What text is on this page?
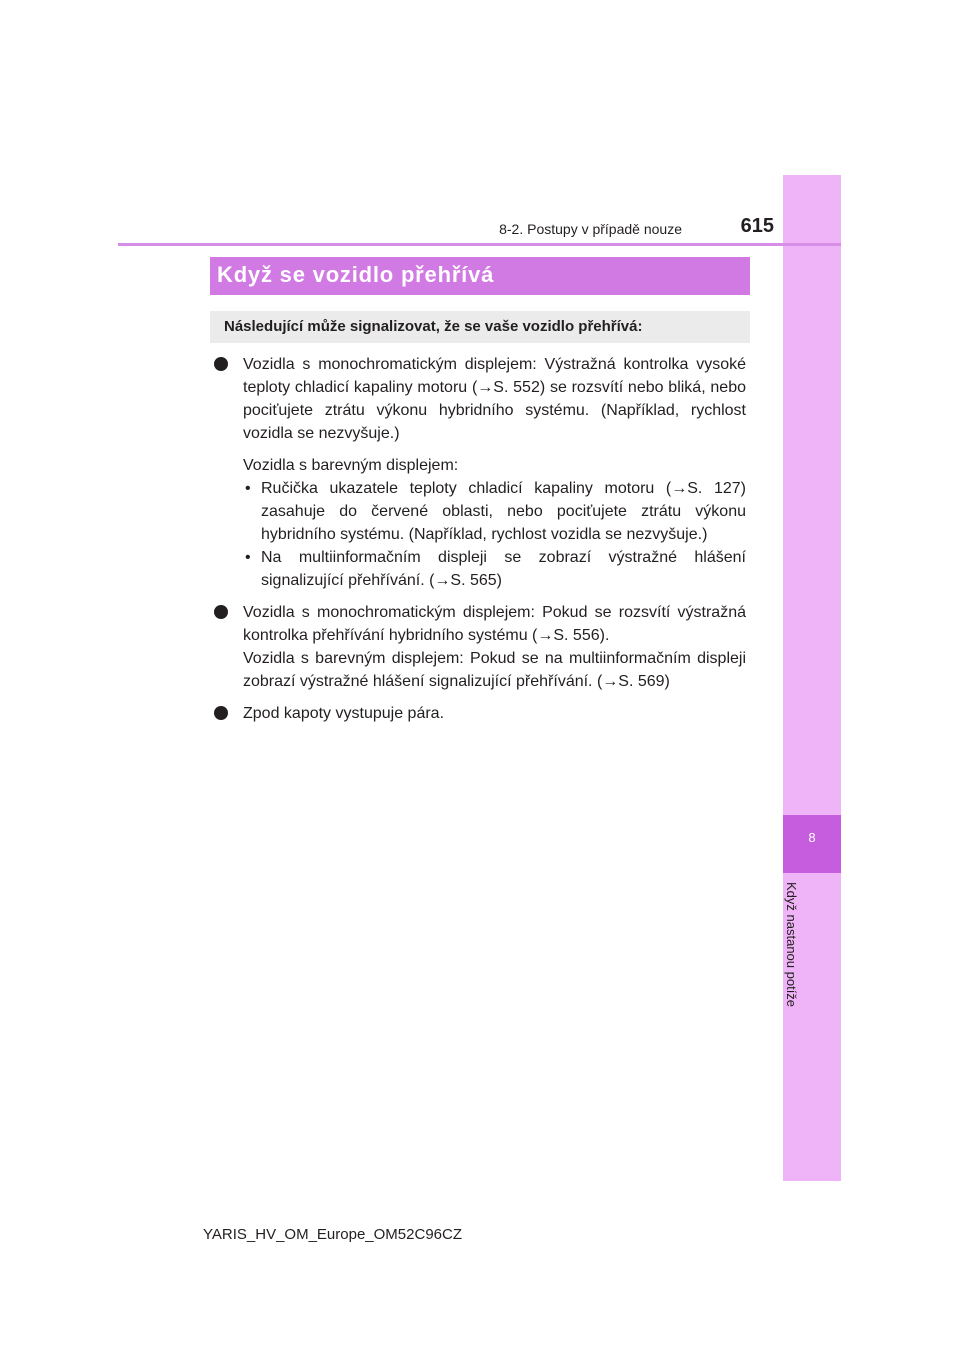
8
Když nastanou potíže
8-2. Postupy v případě nouze	615
Když se vozidlo přehřívá
Následující může signalizovat, že se vaše vozidlo přehřívá:
Vozidla s monochromatickým displejem: Výstražná kontrolka vysoké teploty chladicí kapaliny motoru (→S. 552) se rozsvítí nebo bliká, nebo pociťujete ztrátu výkonu hybridního systému. (Například, rychlost vozidla se nezvyšuje.)
Vozidla s barevným displejem:
• Ručička ukazatele teploty chladicí kapaliny motoru (→S. 127) zasahuje do červené oblasti, nebo pociťujete ztrátu výkonu hybridního systému. (Například, rychlost vozidla se nezvyšuje.)
• Na multiinformačním displeji se zobrazí výstražné hlášení signalizující přehřívání. (→S. 565)
Vozidla s monochromatickým displejem: Pokud se rozsvítí výstražná kontrolka přehřívání hybridního systému (→S. 556).
Vozidla s barevným displejem: Pokud se na multiinformačním displeji zobrazí výstražné hlášení signalizující přehřívání. (→S. 569)
Zpod kapoty vystupuje pára.
YARIS_HV_OM_Europe_OM52C96CZ
